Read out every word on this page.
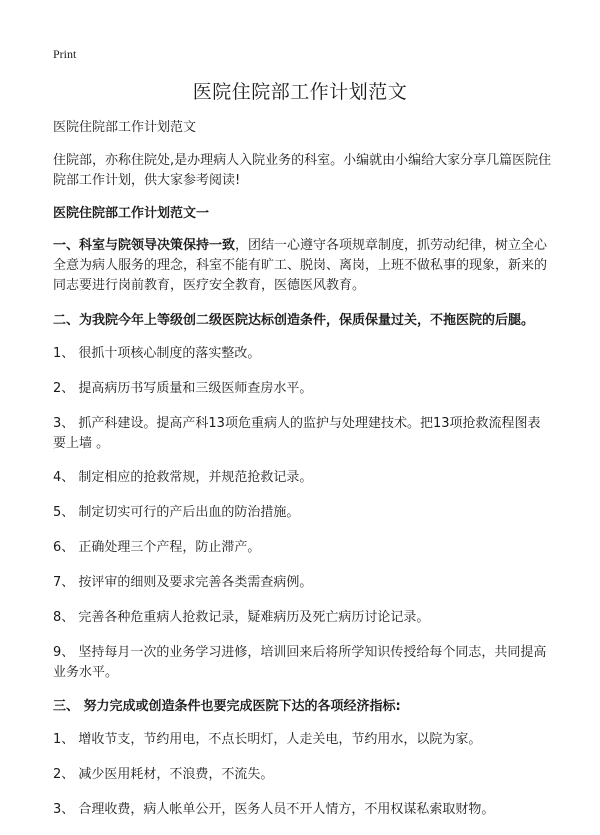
Print
医院住院部工作计划范文

医院住院部工作计划范文

住院部，亦称住院处,是办理病人入院业务的科室。小编就由小编给大家分享几篇医院住院部工作计划，供大家参考阅读!

医院住院部工作计划范文一

一、科室与院领导决策保持一致，团结一心遵守各项规章制度，抓劳动纪律，树立全心全意为病人服务的理念，科室不能有旷工、脱岗、离岗，上班不做私事的现象，新来的同志要进行岗前教育，医疗安全教育，医德医风教育。

二、为我院今年上等级创二级医院达标创造条件，保质保量过关，不拖医院的后腿。

1、 很抓十项核心制度的落实整改。

2、 提高病历书写质量和三级医师查房水平。

3、 抓产科建设。提高产科13项危重病人的监护与处理建技术。把13项抢救流程图表要上墙 。

4、 制定相应的抢救常规，并规范抢救记录。

5、 制定切实可行的产后出血的防治措施。

6、 正确处理三个产程，防止滞产。

7、 按评审的细则及要求完善各类需查病例。

8、 完善各种危重病人抢救记录，疑难病历及死亡病历讨论记录。

9、 坚持每月一次的业务学习进修，培训回来后将所学知识传授给每个同志，共同提高业务水平。

三、 努力完成或创造条件也要完成医院下达的各项经济指标:

1、 增收节支，节约用电，不点长明灯，人走关电，节约用水，以院为家。

2、 减少医用耗材，不浪费，不流失。

3、 合理收费，病人帐单公开，医务人员不开人情方，不用权谋私索取财物。
